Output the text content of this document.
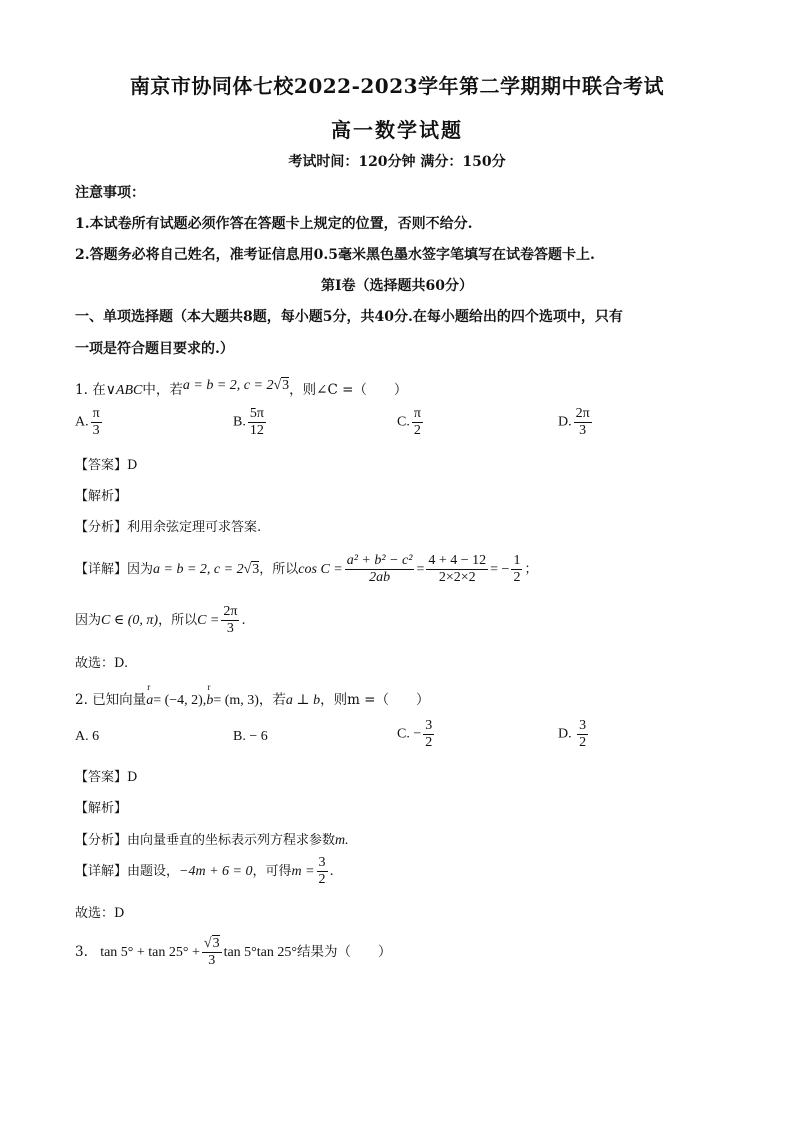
南京市协同体七校2022-2023学年第二学期期中联合考试
高一数学试题
考试时间：120分钟 满分：150分
注意事项：
1.本试卷所有试题必须作答在答题卡上规定的位置，否则不给分.
2.答题务必将自己姓名，准考证信息用0.5毫米黑色墨水签字笔填写在试卷答题卡上.
第Ⅰ卷（选择题共60分）
一、单项选择题（本大题共8题，每小题5分，共40分.在每小题给出的四个选项中，只有
一项是符合题目要求的.）
1. 在∨ABC中，若a = b = 2, c = 2√3，则∠C =（　　）
A. $\frac{\pi}{3}$	B. $\frac{5\pi}{12}$	C. $\frac{\pi}{2}$	D. $\frac{2\pi}{3}$
【答案】D
【解析】
【分析】利用余弦定理可求答案.
【详解】因为a = b = 2, c = 2√3，所以$\cos C = \frac{\text{a² + b² − c²}}{2ab} = \frac{4 + 4 - 12}{2\times 2\times 2}$ = − $\frac{1}{2}$ ；
因为C ∈ (0, π)，所以$C = \frac{2\pi}{3}$ .
故选：D.
2. 已知向量r a= (−4, 2),r b= (m, 3)，若a ⊥ b，则m =（　　）
A. 6	B. − 6	C. − $\frac{3}{2}$	D. $\frac{3}{2}$
【答案】D
【解析】
【分析】由向量垂直的坐标表示列方程求参数m.
【详解】由题设，−4m + 6 = 0，可得$m = \frac{3}{2}$ .
故选：D
3. $\tan 5^\circ + \tan 25^\circ + \frac{√3}{3}$ tan 5°tan 25°结果为（　　）
